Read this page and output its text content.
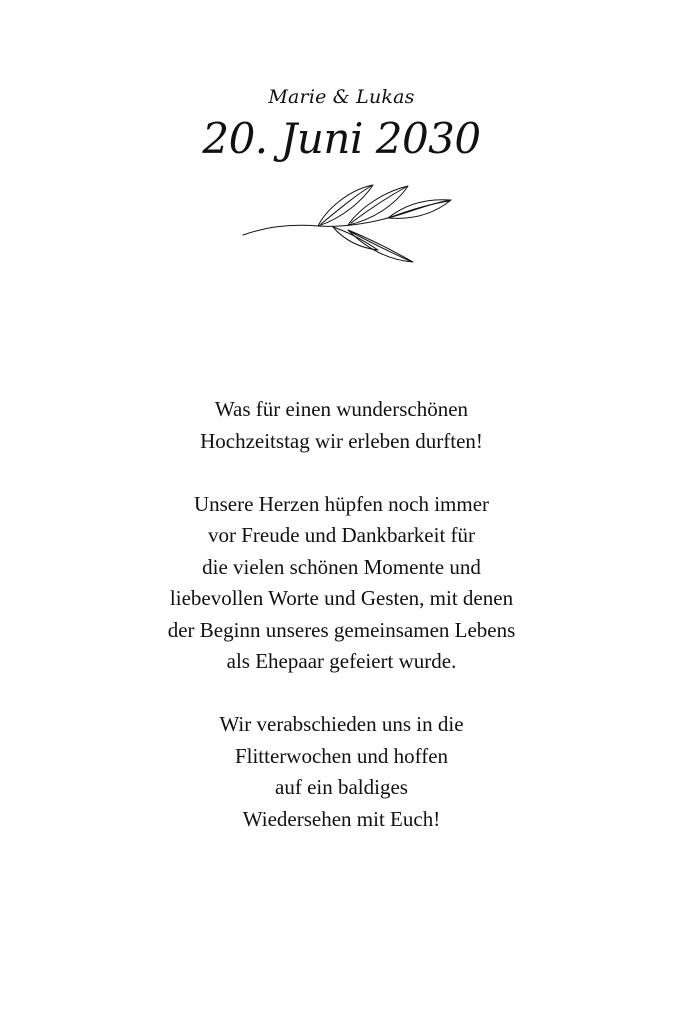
Marie & Lukas
20. Juni 2030

Was für einen wunderschönen
Hochzeitstag wir erleben durften!

Unsere Herzen hüpfen noch immer
vor Freude und Dankbarkeit für
die vielen schönen Momente und
liebevollen Worte und Gesten, mit denen
der Beginn unseres gemeinsamen Lebens
als Ehepaar gefeiert wurde.

Wir verabschieden uns in die
Flitterwochen und hoffen
auf ein baldiges
Wiedersehen mit Euch!
